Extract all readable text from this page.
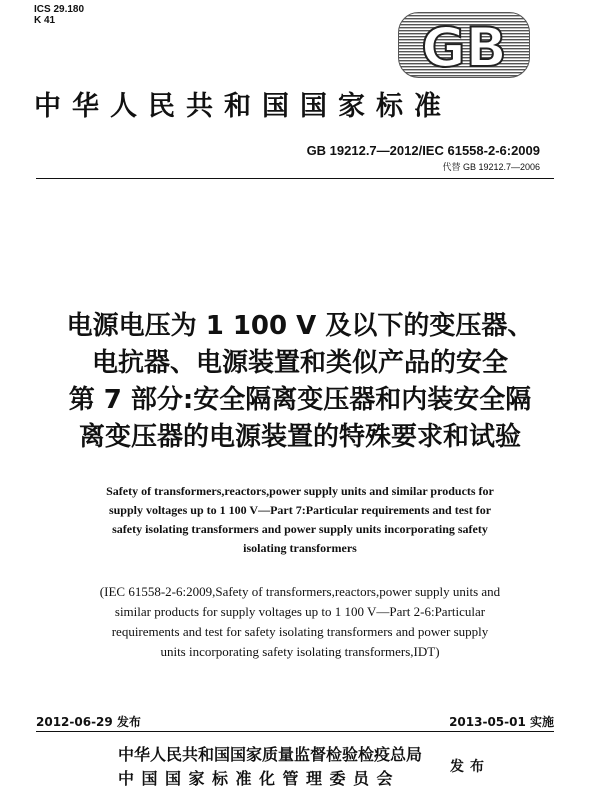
ICS 29.180
K 41	GB
中华人民共和国国家标准
GB 19212.7—2012/IEC 61558-2-6:2009
代替 GB 19212.7—2006
电源电压为 1 100 V 及以下的变压器、
电抗器、电源装置和类似产品的安全
第 7 部分:安全隔离变压器和内装安全隔
离变压器的电源装置的特殊要求和试验
Safety of transformers,reactors,power supply units and similar products for
supply voltages up to 1 100 V—Part 7:Particular requirements and test for
safety isolating transformers and power supply units incorporating safety
isolating transformers
(IEC 61558-2-6:2009,Safety of transformers,reactors,power supply units and
similar products for supply voltages up to 1 100 V—Part 2-6:Particular
requirements and test for safety isolating transformers and power supply
units incorporating safety isolating transformers,IDT)
2012-06-29 发布	2013-05-01 实施
中华人民共和国国家质量监督检验检疫总局
中国国家标准化管理委员会
发布
